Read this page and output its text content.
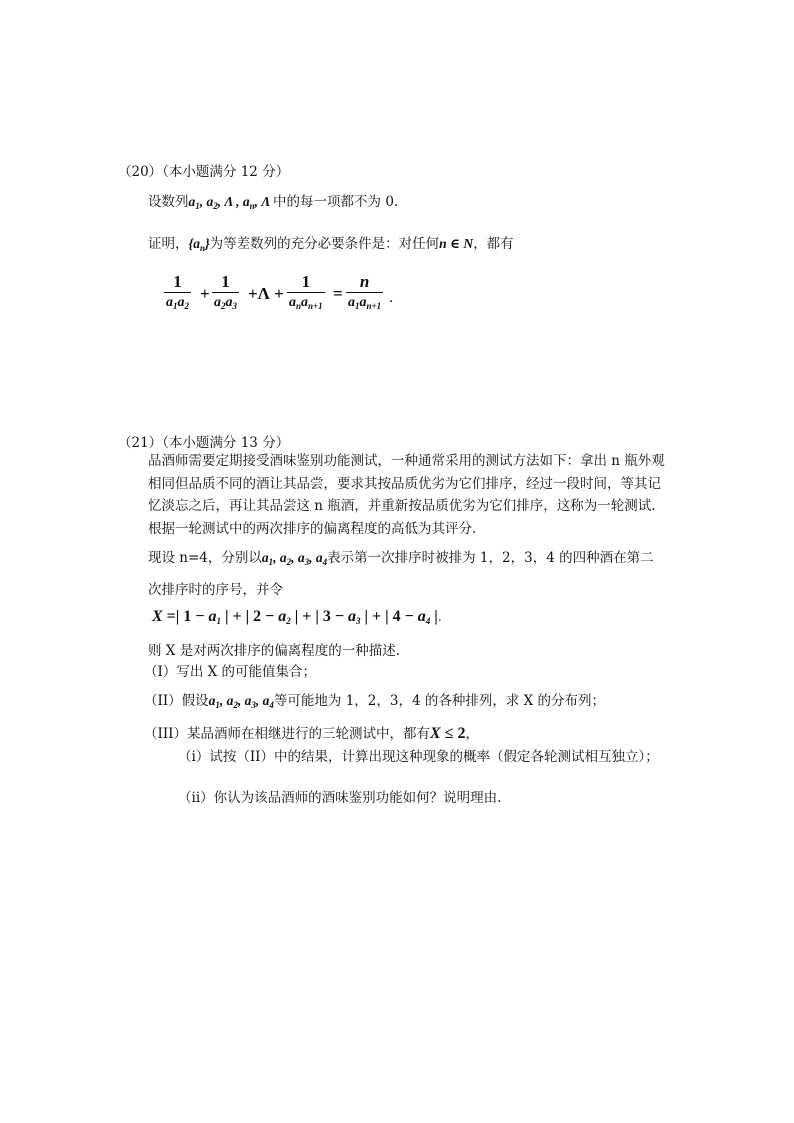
（20）（本小题满分 12 分）
设数列$a_1$, $a_2$, Λ , $a_n$, Λ 中的每一项都不为 0.
证明，$\{a_n\}$为等差数列的充分必要条件是：对任何n ∈ N，都有
1
$a_1a_2$
+
1
$a_2a_3$
+Λ +
1
$a_na_{n+1}$
=
n
$a_1a_{n+1}$ .
（21）（本小题满分 13 分）
品酒师需要定期接受酒味鉴别功能测试，一种通常采用的测试方法如下：拿出 n 瓶外观相同但品质不同的酒让其品尝，要求其按品质优劣为它们排序，经过一段时间，等其记忆淡忘之后，再让其品尝这 n 瓶酒，并重新按品质优劣为它们排序，这称为一轮测试. 根据一轮测试中的两次排序的偏离程度的高低为其评分.
现设 n=4，分别以$a_1$, $a_2$, $a_3$, $a_4$表示第一次排序时被排为 1，2，3，4 的四种酒在第二
次排序时的序号，并令
X =| $1 - a_1$ | + | $2 - a_2$ | + | $3 - a_3$ | + | $4 - a_4$ |.
则 X 是对两次排序的偏离程度的一种描述.
（I）写出 X 的可能值集合；
（II）假设$a_1$, $a_2$, $a_3$, $a_4$等可能地为 1，2，3，4 的各种排列，求 X 的分布列；
（III）某品酒师在相继进行的三轮测试中，都有X ≤ 2，
（i）试按（II）中的结果，计算出现这种现象的概率（假定各轮测试相互独立）；
（ii）你认为该品酒师的酒味鉴别功能如何？说明理由.
